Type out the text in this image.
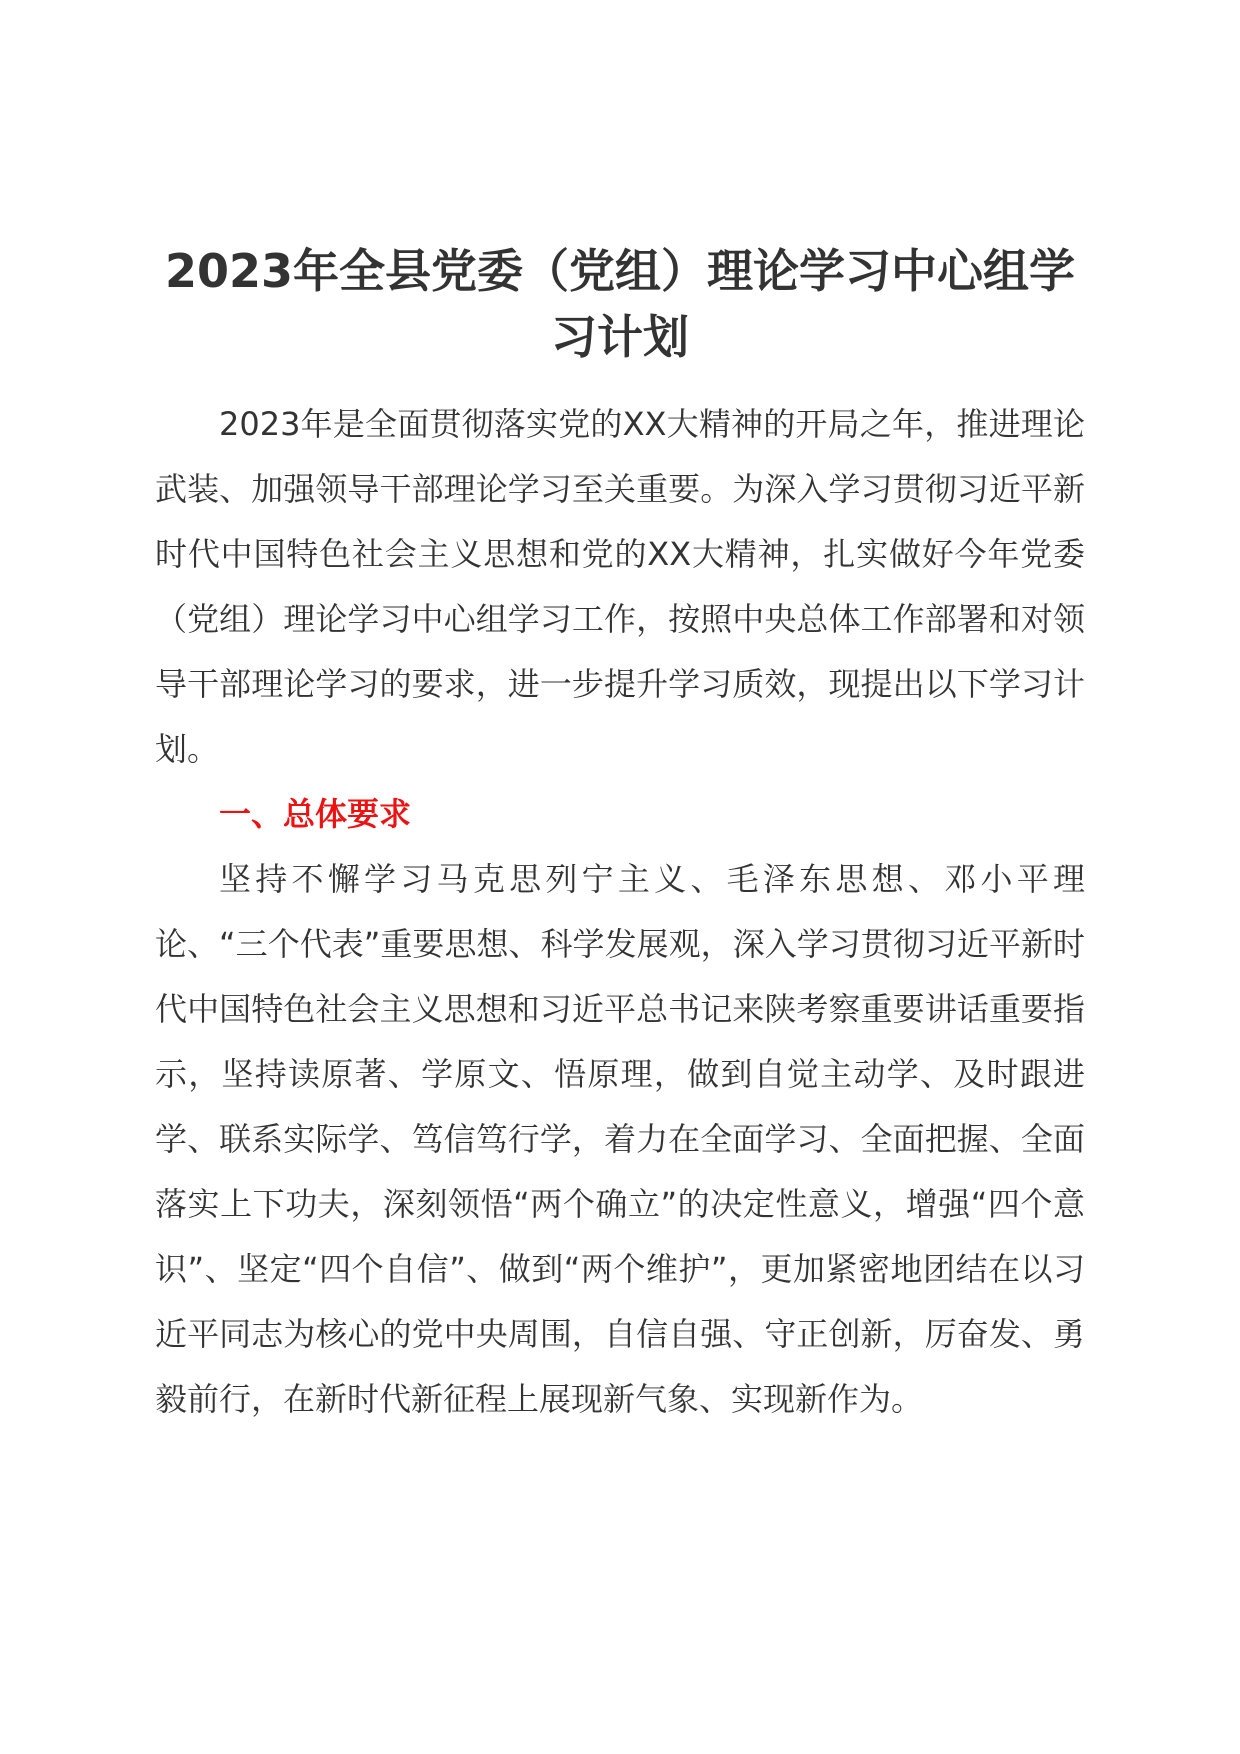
2023年全县党委（党组）理论学习中心组学习计划

2023年是全面贯彻落实党的XX大精神的开局之年，推进理论武装、加强领导干部理论学习至关重要。为深入学习贯彻习近平新时代中国特色社会主义思想和党的XX大精神，扎实做好今年党委（党组）理论学习中心组学习工作，按照中央总体工作部署和对领导干部理论学习的要求，进一步提升学习质效，现提出以下学习计划。

一、总体要求

坚持不懈学习马克思列宁主义、毛泽东思想、邓小平理论、“三个代表”重要思想、科学发展观，深入学习贯彻习近平新时代中国特色社会主义思想和习近平总书记来陕考察重要讲话重要指示，坚持读原著、学原文、悟原理，做到自觉主动学、及时跟进学、联系实际学、笃信笃行学，着力在全面学习、全面把握、全面落实上下功夫，深刻领悟“两个确立”的决定性意义，增强“四个意识”、坚定“四个自信”、做到“两个维护”，更加紧密地团结在以习近平同志为核心的党中央周围，自信自强、守正创新，厉奋发、勇毅前行，在新时代新征程上展现新气象、实现新作为。
